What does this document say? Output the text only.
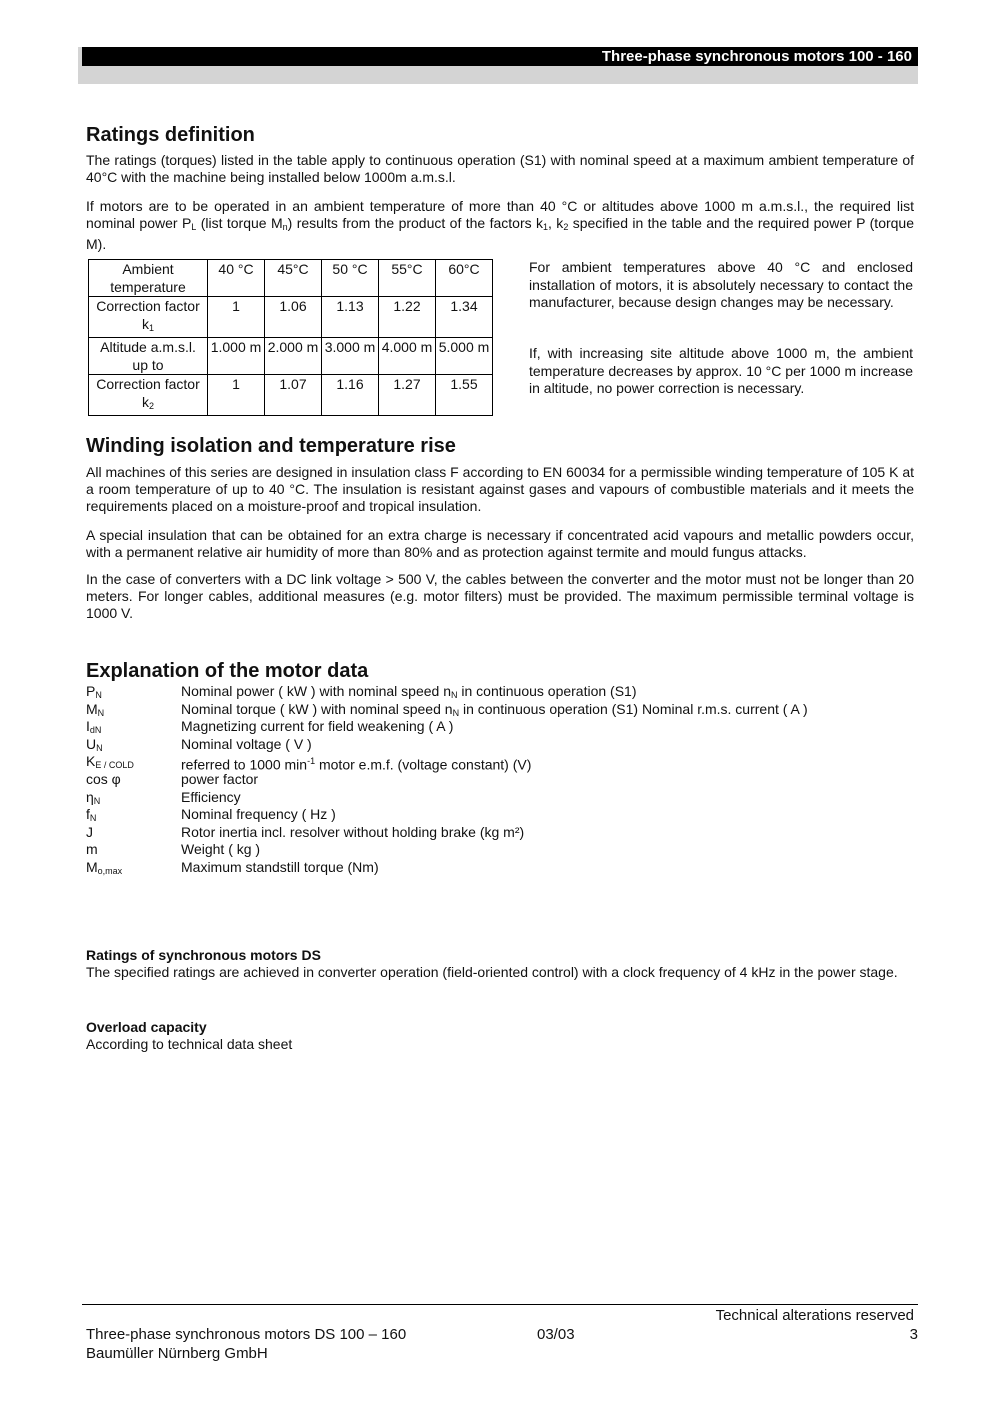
Three-phase synchronous motors 100 - 160
Ratings definition
The ratings (torques) listed in the table apply to continuous operation (S1) with nominal speed at a maximum ambient temperature of 40°C with the machine being installed below 1000m a.m.s.l.
If motors are to be operated in an ambient temperature of more than 40 °C or altitudes above 1000 m a.m.s.l., the required list nominal power $P_L$ (list torque $M_n$) results from the product of the factors $k_1$, $k_2$ specified in the table and the required power P (torque M).
Ambient temperature	40 °C	45°C	50 °C	55°C	60°C
Correction factor $k_1$	1	1.06	1.13	1.22	1.34
Altitude a.m.s.l. up to	1.000 m	2.000 m	3.000 m	4.000 m	5.000 m
Correction factor $k_2$	1	1.07	1.16	1.27	1.55
For ambient temperatures above 40 °C and enclosed installation of motors, it is absolutely necessary to contact the manufacturer, because design changes may be necessary.
If, with increasing site altitude above 1000 m, the ambient temperature decreases by approx. 10 °C per 1000 m increase in altitude, no power correction is necessary.
Winding isolation and temperature rise
All machines of this series are designed in insulation class F according to EN 60034 for a permissible winding temperature of 105 K at a room temperature of up to 40 °C. The insulation is resistant against gases and vapours of combustible materials and it meets the requirements placed on a moisture-proof and tropical insulation.
A special insulation that can be obtained for an extra charge is necessary if concentrated acid vapours and metallic powders occur, with a permanent relative air humidity of more than 80% and as protection against termite and mould fungus attacks.
In the case of converters with a DC link voltage > 500 V, the cables between the converter and the motor must not be longer than 20 meters. For longer cables, additional measures (e.g. motor filters) must be provided. The maximum permissible terminal voltage is 1000 V.
Explanation of the motor data
$P_N$	Nominal power ( kW ) with nominal speed $n_N$ in continuous operation (S1)
$M_N$	Nominal torque ( kW ) with nominal speed $n_N$ in continuous operation (S1) Nominal r.m.s. current ( A )
$I_{dN}$	Magnetizing current for field weakening ( A )
$U_N$	Nominal voltage ( V )
$K_{E / COLD}$	referred to 1000 $\min^{-1}$ motor e.m.f. (voltage constant) (V)
cos φ	power factor
$\eta_N$	Efficiency
$f_N$	Nominal frequency ( Hz )
J	Rotor inertia incl. resolver without holding brake (kg m²)
m	Weight ( kg )
$M_{o,max}$	Maximum standstill torque (Nm)
Ratings of synchronous motors DS
The specified ratings are achieved in converter operation (field-oriented control) with a clock frequency of 4 kHz in the power stage.
Overload capacity
According to technical data sheet
Technical alterations reserved
Three-phase synchronous motors DS 100 – 160	03/03	3
Baumüller Nürnberg GmbH
